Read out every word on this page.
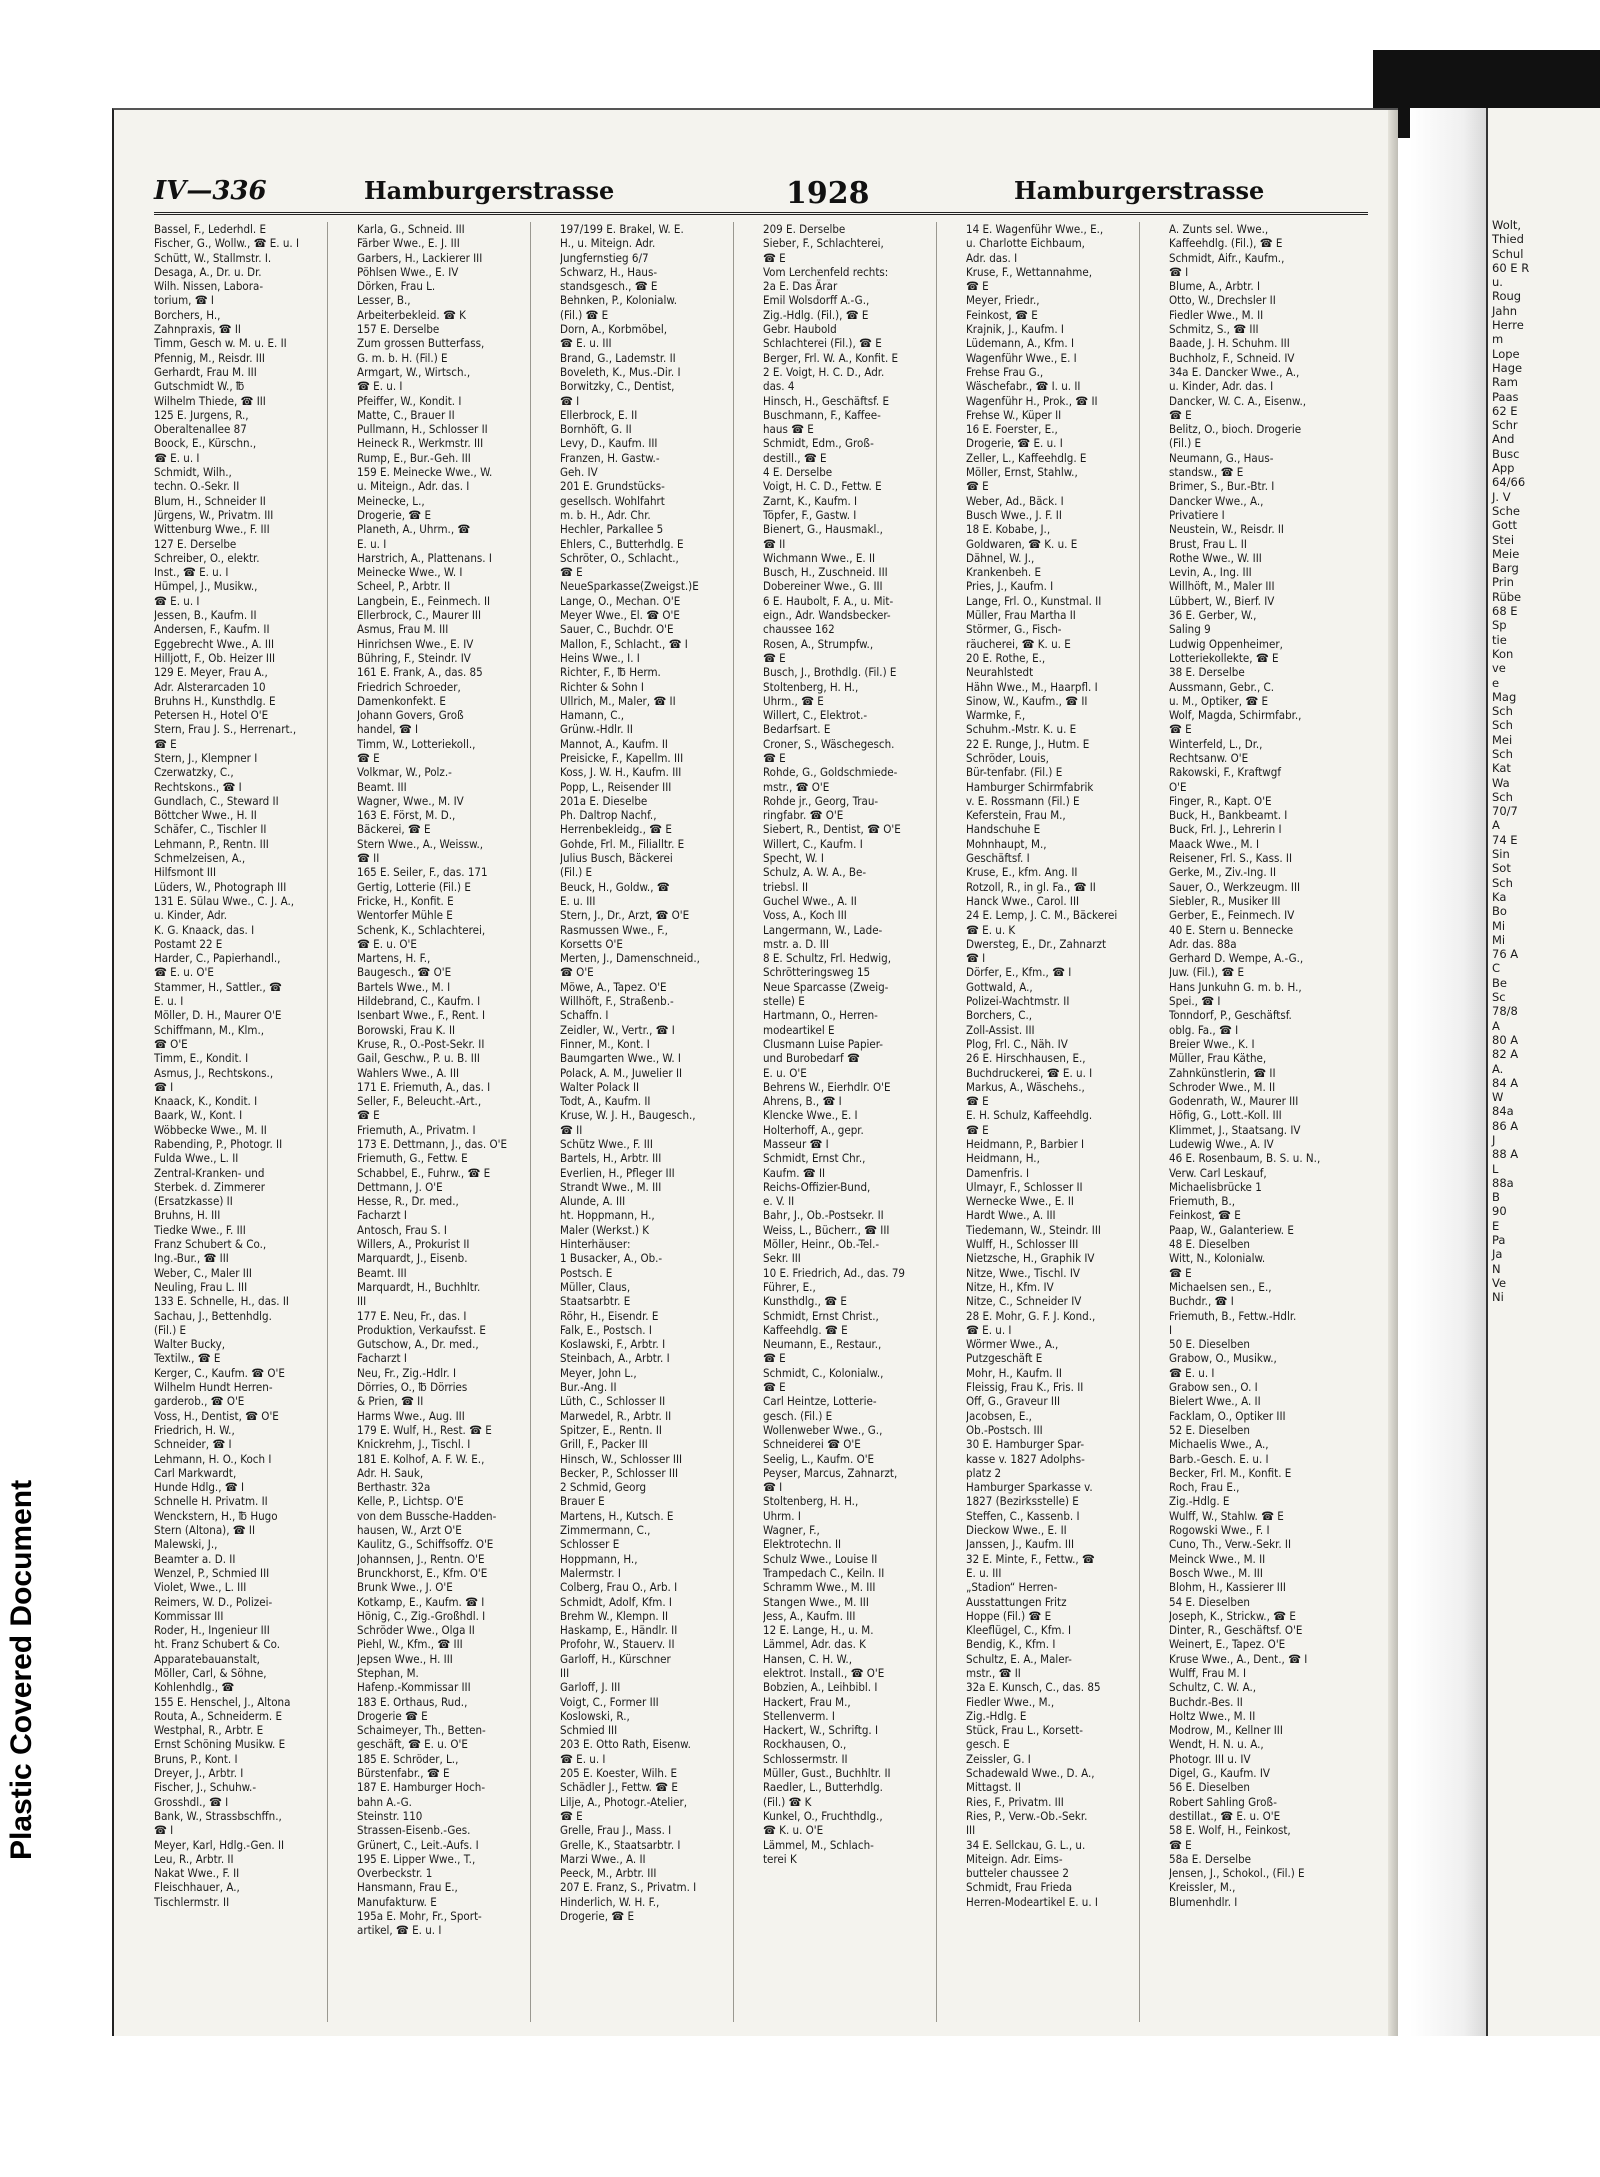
IV—336	Hamburgerstrasse	1928	Hamburgerstrasse
Bassel, F., Lederhdl. E
Fischer, G., Wollw., ☎ E. u. I
Schütt, W., Stallmstr. I.
Desaga, A., Dr. u. Dr.
Wilh. Nissen, Labora-
torium, ☎ I
Borchers, H.,
Zahnpraxis, ☎ II
Timm, Gesch w. M. u. E. II
Pfennig, M., Reisdr. III
Gerhardt, Frau M. III
Gutschmidt W., ℔
Wilhelm Thiede, ☎ III
125 E. Jurgens, R.,
Oberaltenallee 87
Boock, E., Kürschn.,
☎ E. u. I
Schmidt, Wilh.,
techn. O.-Sekr. II
Blum, H., Schneider II
Jürgens, W., Privatm. III
Wittenburg Wwe., F. III
127 E. Derselbe
Schreiber, O., elektr.
Inst., ☎ E. u. I
Hümpel, J., Musikw.,
☎ E. u. I
Jessen, B., Kaufm. II
Andersen, F., Kaufm. II
Eggebrecht Wwe., A. III
Hilljott, F., Ob. Heizer III
129 E. Meyer, Frau A.,
Adr. Alsterarcaden 10
Bruhns H., Kunsthdlg. E
Petersen H., Hotel O'E
Stern, Frau J. S., Herrenart.,
☎ E
Stern, J., Klempner I
Czerwatzky, C.,
Rechtskons., ☎ I
Gundlach, C., Steward II
Böttcher Wwe., H. II
Schäfer, C., Tischler II
Lehmann, P., Rentn. III
Schmelzeisen, A.,
Hilfsmont III
Lüders, W., Photograph III
131 E. Sülau Wwe., C. J. A.,
u. Kinder, Adr.
K. G. Knaack, das. I
Postamt 22 E
Harder, C., Papierhandl.,
☎ E. u. O'E
Stammer, H., Sattler., ☎
E. u. I
Möller, D. H., Maurer O'E
Schiffmann, M., Klm.,
☎ O'E
Timm, E., Kondit. I
Asmus, J., Rechtskons.,
☎ I
Knaack, K., Kondit. I
Baark, W., Kont. I
Wöbbecke Wwe., M. II
Rabending, P., Photogr. II
Fulda Wwe., L. II
Zentral-Kranken- und
Sterbek. d. Zimmerer
(Ersatzkasse) II
Bruhns, H. III
Tiedke Wwe., F. III
Franz Schubert & Co.,
Ing.-Bur., ☎ III
Weber, C., Maler III
Neuling, Frau L. III
133 E. Schnelle, H., das. II
Sachau, J., Bettenhdlg.
(Fil.) E
Walter Bucky,
Textilw., ☎ E
Kerger, C., Kaufm. ☎ O'E
Wilhelm Hundt Herren-
garderob., ☎ O'E
Voss, H., Dentist, ☎ O'E
Friedrich, H. W.,
Schneider, ☎ I
Lehmann, H. O., Koch I
Carl Markwardt,
Hunde Hdlg., ☎ I
Schnelle H. Privatm. II
Wenckstern, H., ℔ Hugo
Stern (Altona), ☎ II
Malewski, J.,
Beamter a. D. II
Wenzel, P., Schmied III
Violet, Wwe., L. III
Reimers, W. D., Polizei-
Kommissar III
Roder, H., Ingenieur III
ht. Franz Schubert & Co.
Apparatebauanstalt,
Möller, Carl, & Söhne,
Kohlenhdlg., ☎
155 E. Henschel, J., Altona
Routa, A., Schneiderm. E
Westphal, R., Arbtr. E
Ernst Schöning Musikw. E
Bruns, P., Kont. I
Dreyer, J., Arbtr. I
Fischer, J., Schuhw.-
Grosshdl., ☎ I
Bank, W., Strassbschffn.,
☎ I
Meyer, Karl, Hdlg.-Gen. II
Leu, R., Arbtr. II
Nakat Wwe., F. II
Fleischhauer, A.,
Tischlermstr. II
Karla, G., Schneid. III
Färber Wwe., E. J. III
Garbers, H., Lackierer III
Pöhlsen Wwe., E. IV
Dörken, Frau L.
Lesser, B.,
Arbeiterbekleid. ☎ K
157 E. Derselbe
Zum grossen Butterfass,
G. m. b. H. (Fil.) E
Armgart, W., Wirtsch.,
☎ E. u. I
Pfeiffer, W., Kondit. I
Matte, C., Brauer II
Pullmann, H., Schlosser II
Heineck R., Werkmstr. III
Rump, E., Bur.-Geh. III
159 E. Meinecke Wwe., W.
u. Miteign., Adr. das. I
Meinecke, L.,
Drogerie, ☎ E
Planeth, A., Uhrm., ☎
E. u. I
Harstrich, A., Plattenans. I
Meinecke Wwe., W. I
Scheel, P., Arbtr. II
Langbein, E., Feinmech. II
Ellerbrock, C., Maurer III
Asmus, Frau M. III
Hinrichsen Wwe., E. IV
Bühring, F., Steindr. IV
161 E. Frank, A., das. 85
Friedrich Schroeder,
Damenkonfekt. E
Johann Govers, Groß
handel, ☎ I
Timm, W., Lotteriekoll.,
☎ E
Volkmar, W., Polz.-
Beamt. III
Wagner, Wwe., M. IV
163 E. Först, M. D.,
Bäckerei, ☎ E
Stern Wwe., A., Weissw.,
☎ II
165 E. Seiler, F., das. 171
Gertig, Lotterie (Fil.) E
Fricke, H., Konfit. E
Wentorfer Mühle E
Schenk, K., Schlachterei,
☎ E. u. O'E
Martens, H. F.,
Baugesch., ☎ O'E
Bartels Wwe., M. I
Hildebrand, C., Kaufm. I
Isenbart Wwe., F., Rent. I
Borowski, Frau K. II
Kruse, R., O.-Post-Sekr. II
Gail, Geschw., P. u. B. III
Wahlers Wwe., A. III
171 E. Friemuth, A., das. I
Seller, F., Beleucht.-Art.,
☎ E
Friemuth, A., Privatm. I
173 E. Dettmann, J., das. O'E
Friemuth, G., Fettw. E
Schabbel, E., Fuhrw., ☎ E
Dettmann, J. O'E
Hesse, R., Dr. med.,
Facharzt I
Antosch, Frau S. I
Willers, A., Prokurist II
Marquardt, J., Eisenb.
Beamt. III
Marquardt, H., Buchhltr.
III
177 E. Neu, Fr., das. I
Produktion, Verkaufsst. E
Gutschow, A., Dr. med.,
Facharzt I
Neu, Fr., Zig.-Hdlr. I
Dörries, O., ℔ Dörries
& Prien, ☎ II
Harms Wwe., Aug. III
179 E. Wulf, H., Rest. ☎ E
Knickrehm, J., Tischl. I
181 E. Kolhof, A. F. W. E.,
Adr. H. Sauk,
Berthastr. 32a
Kelle, P., Lichtsp. O'E
von dem Bussche-Hadden-
hausen, W., Arzt O'E
Kaulitz, G., Schiffsoffz. O'E
Johannsen, J., Rentn. O'E
Brunckhorst, E., Kfm. O'E
Brunk Wwe., J. O'E
Kotkamp, E., Kaufm. ☎ I
Hönig, C., Zig.-Großhdl. I
Schröder Wwe., Olga II
Piehl, W., Kfm., ☎ III
Jepsen Wwe., H. III
Stephan, M.
Hafenp.-Kommissar III
183 E. Orthaus, Rud.,
Drogerie ☎ E
Schaimeyer, Th., Betten-
geschäft, ☎ E. u. O'E
185 E. Schröder, L.,
Bürstenfabr., ☎ E
187 E. Hamburger Hoch-
bahn A.-G.
Steinstr. 110
Strassen-Eisenb.-Ges.
Grünert, C., Leit.-Aufs. I
195 E. Lipper Wwe., T.,
Overbeckstr. 1
Hansmann, Frau E.,
Manufakturw. E
195a E. Mohr, Fr., Sport-
artikel, ☎ E. u. I
197/199 E. Brakel, W. E.
H., u. Miteign. Adr.
Jungfernstieg 6/7
Schwarz, H., Haus-
standsgesch., ☎ E
Behnken, P., Kolonialw.
(Fil.) ☎ E
Dorn, A., Korbmöbel,
☎ E. u. III
Brand, G., Lademstr. II
Boveleth, K., Mus.-Dir. I
Borwitzky, C., Dentist,
☎ I
Ellerbrock, E. II
Bornhöft, G. II
Levy, D., Kaufm. III
Franzen, H. Gastw.-
Geh. IV
201 E. Grundstücks-
gesellsch. Wohlfahrt
m. b. H., Adr. Chr.
Hechler, Parkallee 5
Ehlers, C., Butterhdlg. E
Schröter, O., Schlacht.,
☎ E
NeueSparkasse(Zweigst.)E
Lange, O., Mechan. O'E
Meyer Wwe., El. ☎ O'E
Sauer, C., Buchdr. O'E
Mallon, F., Schlacht., ☎ I
Heins Wwe., I. I
Richter, F., ℔ Herm.
Richter & Sohn I
Ullrich, M., Maler, ☎ II
Hamann, C.,
Grünw.-Hdlr. II
Mannot, A., Kaufm. II
Preisicke, F., Kapellm. III
Koss, J. W. H., Kaufm. III
Popp, L., Reisender III
201a E. Dieselbe
Ph. Daltrop Nachf.,
Herrenbekleidg., ☎ E
Gohde, Frl. M., Filialltr. E
Julius Busch, Bäckerei
(Fil.) E
Beuck, H., Goldw., ☎
E. u. III
Stern, J., Dr., Arzt, ☎ O'E
Rasmussen Wwe., F.,
Korsetts O'E
Merten, J., Damenschneid.,
☎ O'E
Möwe, A., Tapez. O'E
Willhöft, F., Straßenb.-
Schaffn. I
Zeidler, W., Vertr., ☎ I
Finner, M., Kont. I
Baumgarten Wwe., W. I
Polack, A. M., Juwelier II
Walter Polack II
Todt, A., Kaufm. II
Kruse, W. J. H., Baugesch.,
☎ II
Schütz Wwe., F. III
Bartels, H., Arbtr. III
Everlien, H., Pfleger III
Strandt Wwe., M. III
Alunde, A. III
ht. Hoppmann, H.,
Maler (Werkst.) K
Hinterhäuser:
1 Busacker, A., Ob.-
Postsch. E
Müller, Claus,
Staatsarbtr. E
Röhr, H., Eisendr. E
Falk, E., Postsch. I
Koslawski, F., Arbtr. I
Steinbach, A., Arbtr. I
Meyer, John L.,
Bur.-Ang. II
Lüth, C., Schlosser II
Marwedel, R., Arbtr. II
Spitzer, E., Rentn. II
Grill, F., Packer III
Hinsch, W., Schlosser III
Becker, P., Schlosser III
2 Schmid, Georg
Brauer E
Martens, H., Kutsch. E
Zimmermann, C.,
Schlosser E
Hoppmann, H.,
Malermstr. I
Colberg, Frau O., Arb. I
Schmidt, Adolf, Kfm. I
Brehm W., Klempn. II
Haskamp, E., Händlr. II
Profohr, W., Stauerv. II
Garloff, H., Kürschner
III
Garloff, J. III
Voigt, C., Former III
Koslowski, R.,
Schmied III
203 E. Otto Rath, Eisenw.
☎ E. u. I
205 E. Koester, Wilh. E
Schädler J., Fettw. ☎ E
Lilje, A., Photogr.-Atelier,
☎ E
Grelle, Frau J., Mass. I
Grelle, K., Staatsarbtr. I
Marzi Wwe., A. II
Peeck, M., Arbtr. III
207 E. Franz, S., Privatm. I
Hinderlich, W. H. F.,
Drogerie, ☎ E
209 E. Derselbe
Sieber, F., Schlachterei,
☎ E
Vom Lerchenfeld rechts:
2a E. Das Ärar
Emil Wolsdorff A.-G.,
Zig.-Hdlg. (Fil.), ☎ E
Gebr. Haubold
Schlachterei (Fil.), ☎ E
Berger, Frl. W. A., Konfit. E
2 E. Voigt, H. C. D., Adr.
das. 4
Hinsch, H., Geschäftsf. E
Buschmann, F., Kaffee-
haus ☎ E
Schmidt, Edm., Groß-
destill., ☎ E
4 E. Derselbe
Voigt, H. C. D., Fettw. E
Zarnt, K., Kaufm. I
Töpfer, F., Gastw. I
Bienert, G., Hausmakl.,
☎ II
Wichmann Wwe., E. II
Busch, H., Zuschneid. III
Dobereiner Wwe., G. III
6 E. Haubolt, F. A., u. Mit-
eign., Adr. Wandsbecker-
chaussee 162
Rosen, A., Strumpfw.,
☎ E
Busch, J., Brothdlg. (Fil.) E
Stoltenberg, H. H.,
Uhrm., ☎ E
Willert, C., Elektrot.-
Bedarfsart. E
Croner, S., Wäschegesch.
☎ E
Rohde, G., Goldschmiede-
mstr., ☎ O'E
Rohde jr., Georg, Trau-
ringfabr. ☎ O'E
Siebert, R., Dentist, ☎ O'E
Willert, C., Kaufm. I
Specht, W. I
Schulz, A. W. A., Be-
triebsl. II
Guchel Wwe., A. II
Voss, A., Koch III
Langermann, W., Lade-
mstr. a. D. III
8 E. Schultz, Frl. Hedwig,
Schrötteringsweg 15
Neue Sparcasse (Zweig-
stelle) E
Hartmann, O., Herren-
modeartikel E
Clusmann Luise Papier-
und Burobedarf ☎
E. u. O'E
Behrens W., Eierhdlr. O'E
Ahrens, B., ☎ I
Klencke Wwe., E. I
Holterhoff, A., gepr.
Masseur ☎ I
Schmidt, Ernst Chr.,
Kaufm. ☎ II
Reichs-Offizier-Bund,
e. V. II
Bahr, J., Ob.-Postsekr. II
Weiss, L., Bücherr., ☎ III
Möller, Heinr., Ob.-Tel.-
Sekr. III
10 E. Friedrich, Ad., das. 79
Führer, E.,
Kunsthdlg., ☎ E
Schmidt, Ernst Christ.,
Kaffeehdlg. ☎ E
Neumann, E., Restaur.,
☎ E
Schmidt, C., Kolonialw.,
☎ E
Carl Heintze, Lotterie-
gesch. (Fil.) E
Wollenweber Wwe., G.,
Schneiderei ☎ O'E
Seelig, L., Kaufm. O'E
Peyser, Marcus, Zahnarzt,
☎ I
Stoltenberg, H. H.,
Uhrm. I
Wagner, F.,
Elektrotechn. II
Schulz Wwe., Louise II
Trampedach C., Keiln. II
Schramm Wwe., M. III
Stangen Wwe., M. III
Jess, A., Kaufm. III
12 E. Lange, H., u. M.
Lämmel, Adr. das. K
Hansen, C. H. W.,
elektrot. Install., ☎ O'E
Bobzien, A., Leihbibl. I
Hackert, Frau M.,
Stellenverm. I
Hackert, W., Schriftg. I
Rockhausen, O.,
Schlossermstr. II
Müller, Gust., Buchhltr. II
Raedler, L., Butterhdlg.
(Fil.) ☎ K
Kunkel, O., Fruchthdlg.,
☎ K. u. O'E
Lämmel, M., Schlach-
terei K
14 E. Wagenführ Wwe., E.,
u. Charlotte Eichbaum,
Adr. das. I
Kruse, F., Wettannahme,
☎ E
Meyer, Friedr.,
Feinkost, ☎ E
Krajnik, J., Kaufm. I
Lüdemann, A., Kfm. I
Wagenführ Wwe., E. I
Frehse Frau G.,
Wäschefabr., ☎ I. u. II
Wagenführ H., Prok., ☎ II
Frehse W., Küper II
16 E. Foerster, E.,
Drogerie, ☎ E. u. I
Zeller, L., Kaffeehdlg. E
Möller, Ernst, Stahlw.,
☎ E
Weber, Ad., Bäck. I
Busch Wwe., J. F. II
18 E. Kobabe, J.,
Goldwaren, ☎ K. u. E
Dähnel, W. J.,
Krankenbeh. E
Pries, J., Kaufm. I
Lange, Frl. O., Kunstmal. II
Müller, Frau Martha II
Störmer, G., Fisch-
räucherei, ☎ K. u. E
20 E. Rothe, E.,
Neurahlstedt
Hähn Wwe., M., Haarpfl. I
Sinow, W., Kaufm., ☎ II
Warmke, F.,
Schuhm.-Mstr. K. u. E
22 E. Runge, J., Hutm. E
Schröder, Louis,
Bür-tenfabr. (Fil.) E
Hamburger Schirmfabrik
v. E. Rossmann (Fil.) E
Keferstein, Frau M.,
Handschuhe E
Mohnhaupt, M.,
Geschäftsf. I
Kruse, E., kfm. Ang. II
Rotzoll, R., in gl. Fa., ☎ II
Hanck Wwe., Carol. III
24 E. Lemp, J. C. M., Bäckerei
☎ E. u. K
Dwersteg, E., Dr., Zahnarzt
☎ I
Dörfer, E., Kfm., ☎ I
Gottwald, A.,
Polizei-Wachtmstr. II
Borchers, C.,
Zoll-Assist. III
Plog, Frl. C., Näh. IV
26 E. Hirschhausen, E.,
Buchdruckerei, ☎ E. u. I
Markus, A., Wäschehs.,
☎ E
E. H. Schulz, Kaffeehdlg.
☎ E
Heidmann, P., Barbier I
Heidmann, H.,
Damenfris. I
Ulmayr, F., Schlosser II
Wernecke Wwe., E. II
Hardt Wwe., A. III
Tiedemann, W., Steindr. III
Wulff, H., Schlosser III
Nietzsche, H., Graphik IV
Nitze, Wwe., Tischl. IV
Nitze, H., Kfm. IV
Nitze, C., Schneider IV
28 E. Mohr, G. F. J. Kond.,
☎ E. u. I
Wörmer Wwe., A.,
Putzgeschäft E
Mohr, H., Kaufm. II
Fleissig, Frau K., Fris. II
Off, G., Graveur III
Jacobsen, E.,
Ob.-Postsch. III
30 E. Hamburger Spar-
kasse v. 1827 Adolphs-
platz 2
Hamburger Sparkasse v.
1827 (Bezirksstelle) E
Steffen, C., Kassenb. I
Dieckow Wwe., E. II
Janssen, J., Kaufm. III
32 E. Minte, F., Fettw., ☎
E. u. III
„Stadion“ Herren-
Ausstattungen Fritz
Hoppe (Fil.) ☎ E
Kleeflügel, C., Kfm. I
Bendig, K., Kfm. I
Schultz, E. A., Maler-
mstr., ☎ II
32a E. Kunsch, C., das. 85
Fiedler Wwe., M.,
Zig.-Hdlg. E
Stück, Frau L., Korsett-
gesch. E
Zeissler, G. I
Schadewald Wwe., D. A.,
Mittagst. II
Ries, F., Privatm. III
Ries, P., Verw.-Ob.-Sekr.
III
34 E. Sellckau, G. L., u.
Miteign. Adr. Eims-
butteler chaussee 2
Schmidt, Frau Frieda
Herren-Modeartikel E. u. I
A. Zunts sel. Wwe.,
Kaffeehdlg. (Fil.), ☎ E
Schmidt, Aifr., Kaufm.,
☎ I
Blume, A., Arbtr. I
Otto, W., Drechsler II
Fiedler Wwe., M. II
Schmitz, S., ☎ III
Baade, J. H. Schuhm. III
Buchholz, F., Schneid. IV
34a E. Dancker Wwe., A.,
u. Kinder, Adr. das. I
Dancker, W. C. A., Eisenw.,
☎ E
Belitz, O., bioch. Drogerie
(Fil.) E
Neumann, G., Haus-
standsw., ☎ E
Brimer, S., Bur.-Btr. I
Dancker Wwe., A.,
Privatiere I
Neustein, W., Reisdr. II
Brust, Frau L. II
Rothe Wwe., W. III
Levin, A., Ing. III
Willhöft, M., Maler III
Lübbert, W., Bierf. IV
36 E. Gerber, W.,
Saling 9
Ludwig Oppenheimer,
Lotteriekollekte, ☎ E
38 E. Derselbe
Aussmann, Gebr., C.
u. M., Optiker, ☎ E
Wolf, Magda, Schirmfabr.,
☎ E
Winterfeld, L., Dr.,
Rechtsanw. O'E
Rakowski, F., Kraftwgf
O'E
Finger, R., Kapt. O'E
Buck, H., Bankbeamt. I
Buck, Frl. J., Lehrerin I
Maack Wwe., M. I
Reisener, Frl. S., Kass. II
Gerke, M., Ziv.-Ing. II
Sauer, O., Werkzeugm. III
Siebler, R., Musiker III
Gerber, E., Feinmech. IV
40 E. Stern u. Bennecke
Adr. das. 88a
Gerhard D. Wempe, A.-G.,
Juw. (Fil.), ☎ E
Hans Junkuhn G. m. b. H.,
Spei., ☎ I
Tonndorf, P., Geschäftsf.
oblg. Fa., ☎ I
Breier Wwe., K. I
Müller, Frau Käthe,
Zahnkünstlerin, ☎ II
Schroder Wwe., M. II
Godenrath, W., Maurer III
Höfig, G., Lott.-Koll. III
Klimmet, J., Staatsang. IV
Ludewig Wwe., A. IV
46 E. Rosenbaum, B. S. u. N.,
Verw. Carl Leskauf,
Michaelisbrücke 1
Friemuth, B.,
Feinkost, ☎ E
Paap, W., Galanteriew. E
48 E. Dieselben
Witt, N., Kolonialw.
☎ E
Michaelsen sen., E.,
Buchdr., ☎ I
Friemuth, B., Fettw.-Hdlr.
I
50 E. Dieselben
Grabow, O., Musikw.,
☎ E. u. I
Grabow sen., O. I
Bielert Wwe., A. II
Facklam, O., Optiker III
52 E. Dieselben
Michaelis Wwe., A.,
Barb.-Gesch. E. u. I
Becker, Frl. M., Konfit. E
Roch, Frau E.,
Zig.-Hdlg. E
Wulff, W., Stahlw. ☎ E
Rogowski Wwe., F. I
Cuno, Th., Verw.-Sekr. II
Meinck Wwe., M. II
Bosch Wwe., M. III
Blohm, H., Kassierer III
54 E. Dieselben
Joseph, K., Strickw., ☎ E
Dinter, R., Geschäftsf. O'E
Weinert, E., Tapez. O'E
Kruse Wwe., A., Dent., ☎ I
Wulff, Frau M. I
Schultz, C. W. A.,
Buchdr.-Bes. II
Holtz Wwe., M. II
Modrow, M., Kellner III
Wendt, H. N. u. A.,
Photogr. III u. IV
Digel, G., Kaufm. IV
56 E. Dieselben
Robert Sahling Groß-
destillat., ☎ E. u. O'E
58 E. Wolf, H., Feinkost,
☎ E
58a E. Derselbe
Jensen, J., Schokol., (Fil.) E
Kreissler, M.,
Blumenhdlr. I
Wolt,
Thied
Schul
60 E R
u.
Roug
Jahn
Herre
m
Lope
Hage
Ram
Paas
62 E
Schr
And
Busc
App
64/66
J. V
Sche
Gott
Stei
Meie
Barg
Prin
Rübe
68 E
Sp
tie
Kon
ve
e
Mag
Sch
Sch
Mei
Sch
Kat
Wa
Sch
70/7
A
74 E
Sin
Sot
Sch
Ka
Bo
Mi
Mi
76 A
C
Be
Sc
78/8
A
80 A
82 A
A.
84 A
W
84a
86 A
J
88 A
L
88a
B
90
E
Pa
Ja
N
Ve
Ni
Plastic Covered Document
